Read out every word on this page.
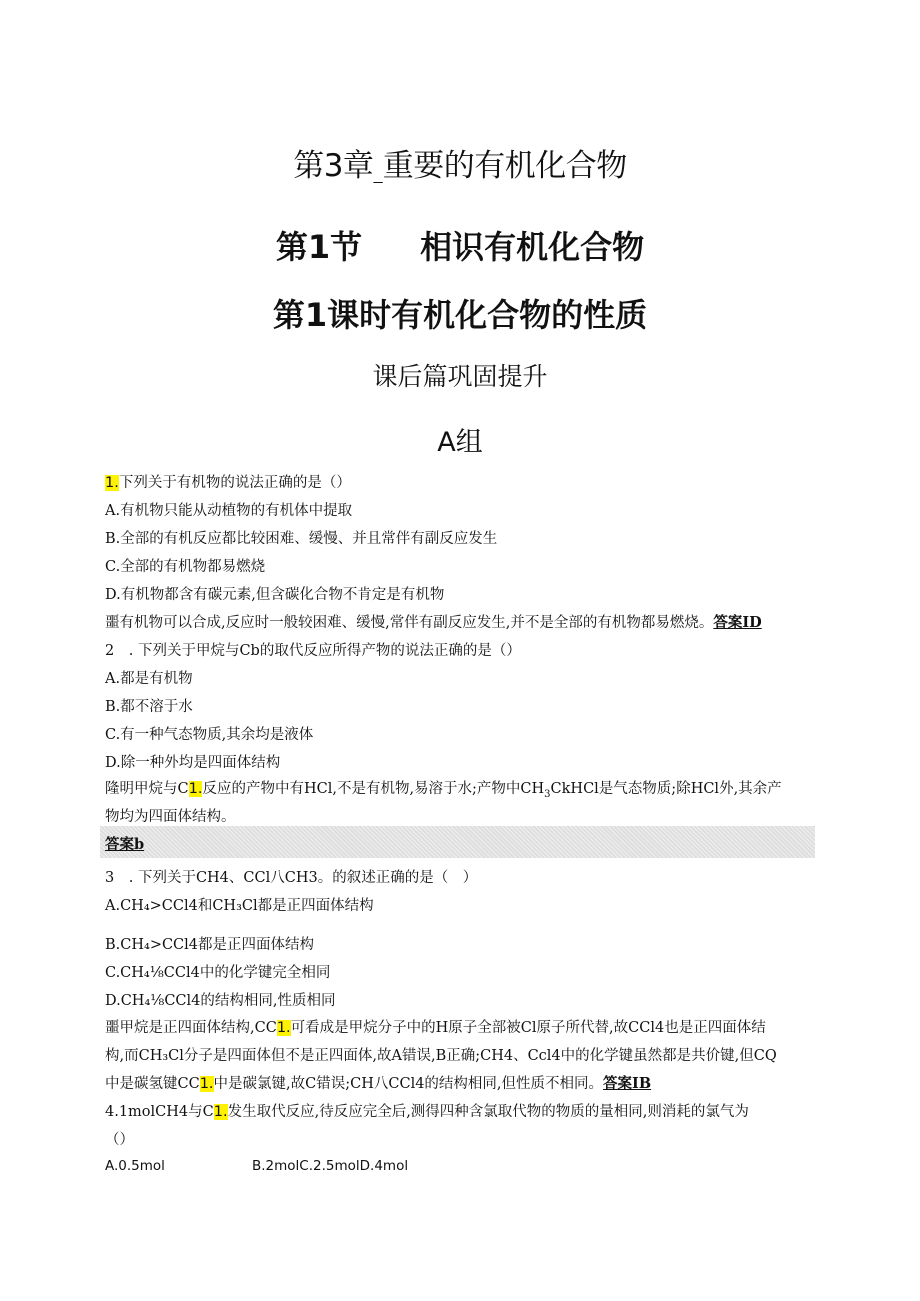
第3章 重要的有机化合物
第1节 相识有机化合物
第1课时有机化合物的性质
课后篇巩固提升
A组
1.下列关于有机物的说法正确的是（）
A.有机物只能从动植物的有机体中提取
B.全部的有机反应都比较困难、缓慢、并且常伴有副反应发生
C.全部的有机物都易燃烧
D.有机物都含有碳元素,但含碳化合物不肯定是有机物
噩有机物可以合成,反应时一般较困难、缓慢,常伴有副反应发生,并不是全部的有机物都易燃烧。答案ID
2　. 下列关于甲烷与Cb的取代反应所得产物的说法正确的是（）
A.都是有机物
B.都不溶于水
C.有一种气态物质,其余均是液体
D.除一种外均是四面体结构
隆明甲烷与C1.反应的产物中有HCl,不是有机物,易溶于水;产物中$CH_3CkHCl$是气态物质;除HCl外,其余产
物均为四面体结构。
答案b
3　. 下列关于CH4、CCl八CH3。的叙述正确的是（　）
A.CH₄>CCl4和CH₃Cl都是正四面体结构
B.CH₄>CCl4都是正四面体结构
C.CH₄⅛CCl4中的化学键完全相同
D.CH₄⅛CCl4的结构相同,性质相同
噩甲烷是正四面体结构,CC1.可看成是甲烷分子中的H原子全部被Cl原子所代替,故CCl4也是正四面体结
构,而CH₃Cl分子是四面体但不是正四面体,故A错误,B正确;CH4、Ccl4中的化学键虽然都是共价键,但CQ
中是碳氢键CC1.中是碳氯键,故C错误;CH八CCl4的结构相同,但性质不相同。答案IB
4.1molCH4与C1.发生取代反应,待反应完全后,测得四种含氯取代物的物质的量相同,则消耗的氯气为
（）
A.0.5mol	B.2molC.2.5molD.4mol
